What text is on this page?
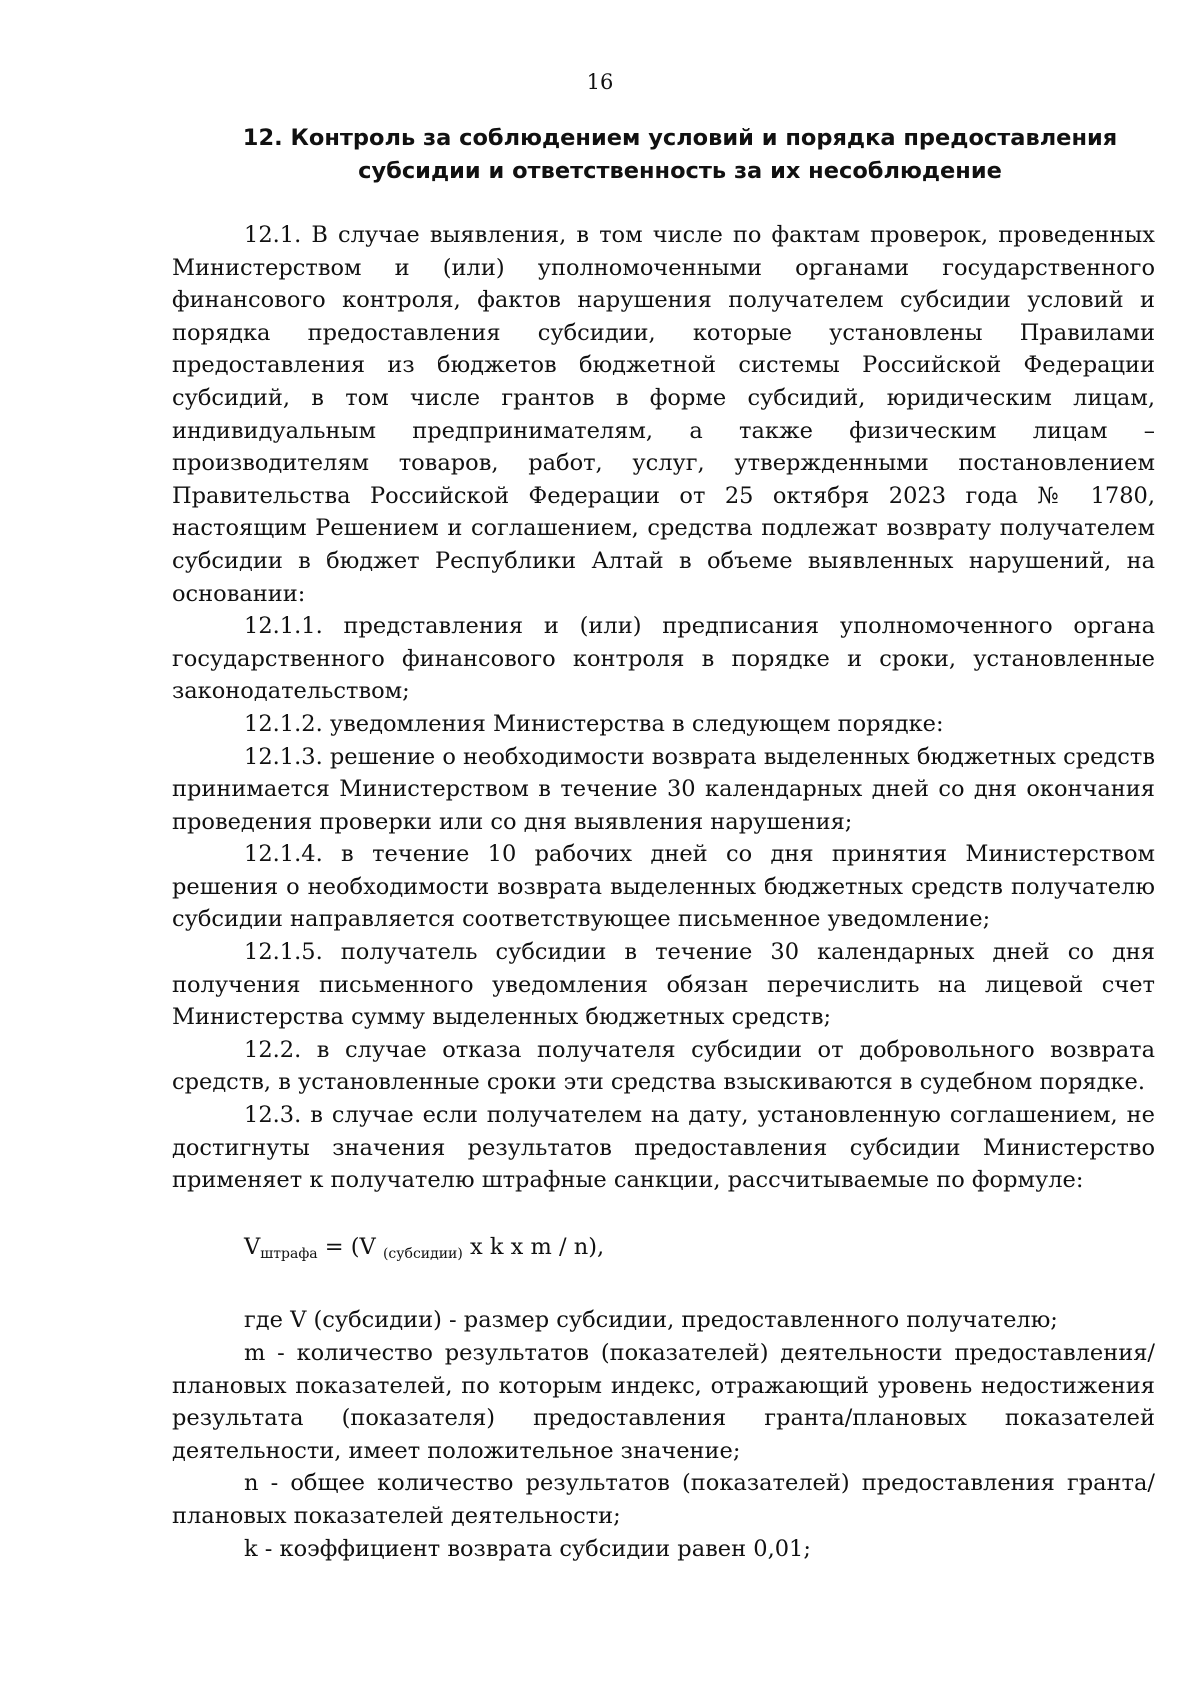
16
12. Контроль за соблюдением условий и порядка предоставления
субсидии и ответственность за их несоблюдение

12.1. В случае выявления, в том числе по фактам проверок, проведенных Министерством и (или) уполномоченными органами государственного финансового контроля, фактов нарушения получателем субсидии условий и порядка предоставления субсидии, которые установлены Правилами предоставления из бюджетов бюджетной системы Российской Федерации субсидий, в том числе грантов в форме субсидий, юридическим лицам, индивидуальным предпринимателям, а также физическим лицам – производителям товаров, работ, услуг, утвержденными постановлением Правительства Российской Федерации от 25 октября 2023 года № 1780, настоящим Решением и соглашением, средства подлежат возврату получателем субсидии в бюджет Республики Алтай в объеме выявленных нарушений, на основании:

12.1.1. представления и (или) предписания уполномоченного органа государственного финансового контроля в порядке и сроки, установленные законодательством;

12.1.2. уведомления Министерства в следующем порядке:

12.1.3. решение о необходимости возврата выделенных бюджетных средств принимается Министерством в течение 30 календарных дней со дня окончания проведения проверки или со дня выявления нарушения;

12.1.4. в течение 10 рабочих дней со дня принятия Министерством решения о необходимости возврата выделенных бюджетных средств получателю субсидии направляется соответствующее письменное уведомление;

12.1.5. получатель субсидии в течение 30 календарных дней со дня получения письменного уведомления обязан перечислить на лицевой счет Министерства сумму выделенных бюджетных средств;

12.2. в случае отказа получателя субсидии от добровольного возврата средств, в установленные сроки эти средства взыскиваются в судебном порядке.

12.3. в случае если получателем на дату, установленную соглашением, не достигнуты значения результатов предоставления субсидии Министерство применяет к получателю штрафные санкции, рассчитываемые по формуле:

$V_{штрафа} = (V$ $_{(субсидии)}$ x k x m / n),

где V (субсидии) - размер субсидии, предоставленного получателю;

m - количество результатов (показателей) деятельности предоставления/плановых показателей, по которым индекс, отражающий уровень недостижения результата (показателя) предоставления гранта/плановых показателей деятельности, имеет положительное значение;

n - общее количество результатов (показателей) предоставления гранта/плановых показателей деятельности;

k - коэффициент возврата субсидии равен 0,01;
